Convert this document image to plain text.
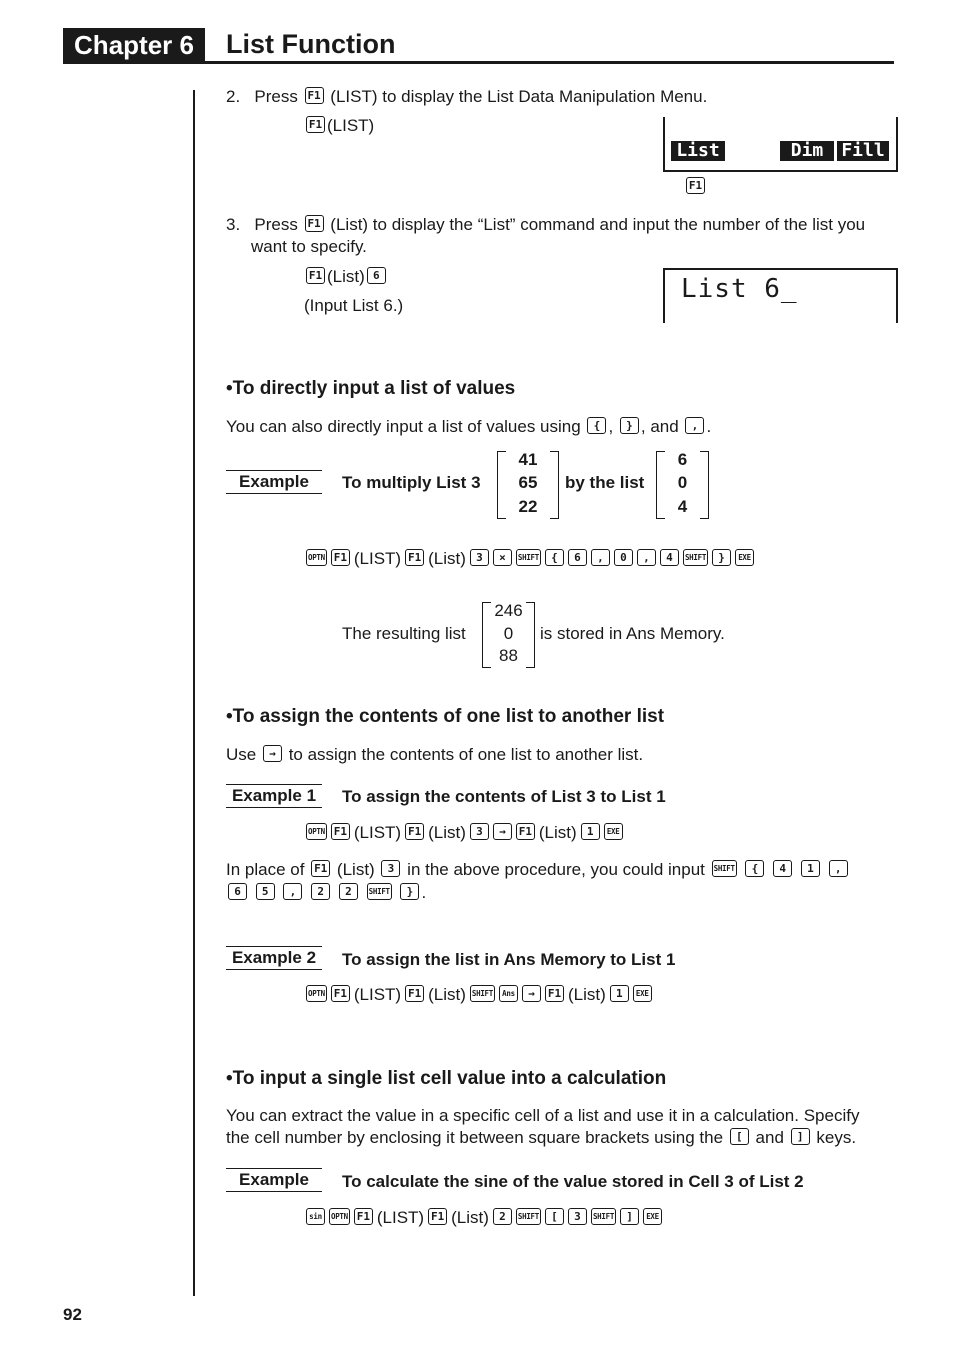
Chapter 6	List Function
2. Press F1 (LIST) to display the List Data Manipulation Menu.
F1 (LIST)
List	Dim	Fill
F1
3. Press F1 (List) to display the “List” command and input the number of the list you
want to specify.
F1 (List) 6
(Input List 6.)
List 6_
•To directly input a list of values
You can also directly input a list of values using { , } , and , .
Example	To multiply List 3
41
65
22
by the list
6
0
4
OPTN F1 (LIST) F1 (List) 3	×	SHIFT	{	6	,	0	,	4	SHIFT	}	EXE
The resulting list
246
0
88
is stored in Ans Memory.
•To assign the contents of one list to another list
Use → to assign the contents of one list to another list.
Example 1	To assign the contents of List 3 to List 1
OPTN F1 (LIST) F1 (List) 3	→	F1 (List) 1	EXE
In place of F1 (List) 3 in the above procedure, you could input SHIFT { 4 1 ,
6 5 , 2 2 SHIFT } .
Example 2	To assign the list in Ans Memory to List 1
OPTN F1 (LIST) F1 (List) SHIFT	Ans	→	F1 (List) 1	EXE
•To input a single list cell value into a calculation
You can extract the value in a specific cell of a list and use it in a calculation. Specify
the cell number by enclosing it between square brackets using the [ and ] keys.
Example	To calculate the sine of the value stored in Cell 3 of List 2
sin	OPTN F1 (LIST) F1 (List) 2	SHIFT	[	3	SHIFT	]	EXE
92
